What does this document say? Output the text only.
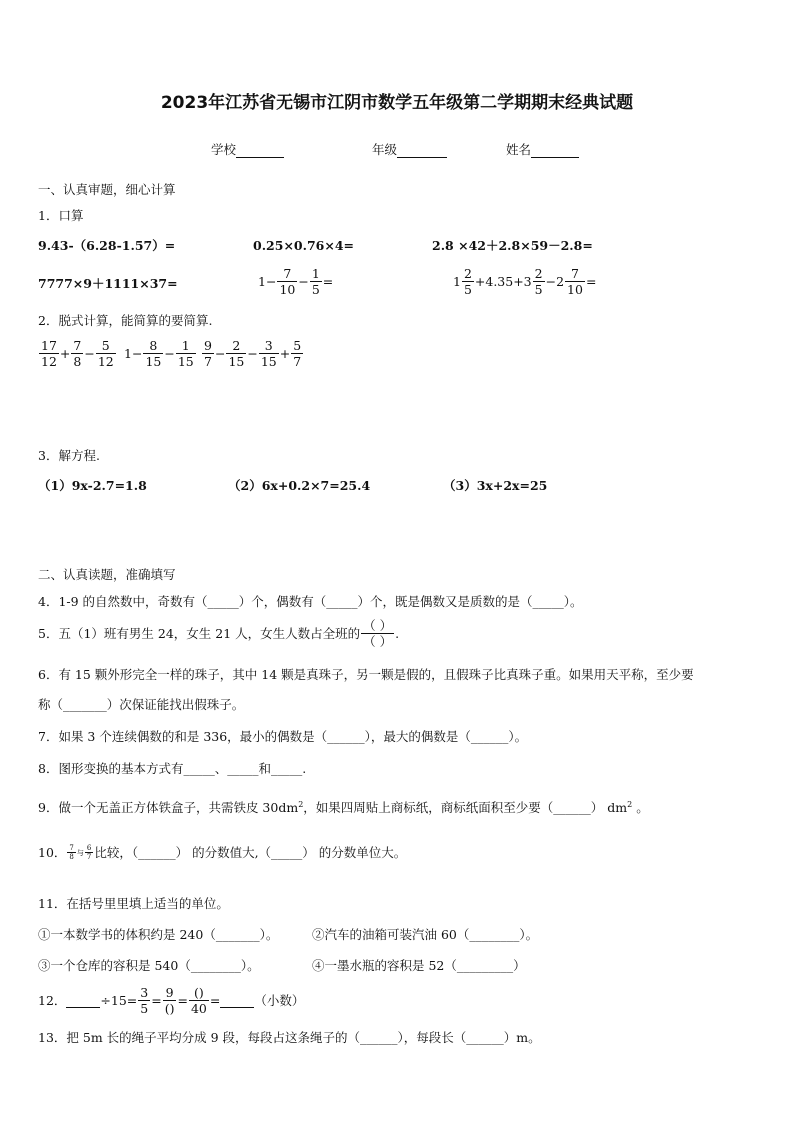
2023年江苏省无锡市江阴市数学五年级第二学期期末经典试题
学校	年级	姓名
一、认真审题，细心计算
1．口算
9.43-（6.28-1.57）=	0.25×0.76×4=	2.8 ×42＋2.8×59－2.8=
7777×9＋1111×37=	$1 - \frac{7}{10} - \frac{1}{5}$ =	$1 \frac{2}{5} +4.35+3 \frac{2}{5} - 2 \frac{7}{10}$ =
2．脱式计算，能简算的要简算.
$\frac{17}{12} + \frac{7}{8} - \frac{5}{12} 1 - \frac{8}{15} - \frac{1}{15} \frac{9}{7} - \frac{2}{15} - \frac{3}{15} + \frac{5}{7}$
3．解方程.
（1）9x-2.7=1.8	（2）6x+0.2×7=25.4	（3）3x+2x=25
二、认真读题，准确填写
4．1-9 的自然数中，奇数有（_____）个，偶数有（_____）个，既是偶数又是质数的是（_____）。
5．五（1）班有男生 24，女生 21 人，女生人数占全班的 $\frac{( )}{( )}$ .
6．有 15 颗外形完全一样的珠子，其中 14 颗是真珠子，另一颗是假的，且假珠子比真珠子重。如果用天平称，至少要
称（_______）次保证能找出假珠子。
7．如果 3 个连续偶数的和是 336，最小的偶数是（______），最大的偶数是（______）。
8．图形变换的基本方式有_____、_____和_____.
9．做一个无盖正方体铁盒子，共需铁皮 $30dm^2$，如果四周贴上商标纸，商标纸面积至少要（______） $dm^2$ 。
10． $\frac{7}{8}$ 与 $\frac{6}{7}$ 比较，（______） 的分数值大,（_____） 的分数单位大。
11．在括号里里填上适当的单位。
①一本数学书的体积约是 240（_______）。	②汽车的油箱可装汽油 60（________）。
③一个仓库的容积是 540（________）。	④一墨水瓶的容积是 52（_________）
12．	$\div 15= \frac{3}{5} = \frac{9}{()} = \frac{()}{40}$ =	（小数）
13．把 5m 长的绳子平均分成 9 段，每段占这条绳子的（______），每段长（______）m。
